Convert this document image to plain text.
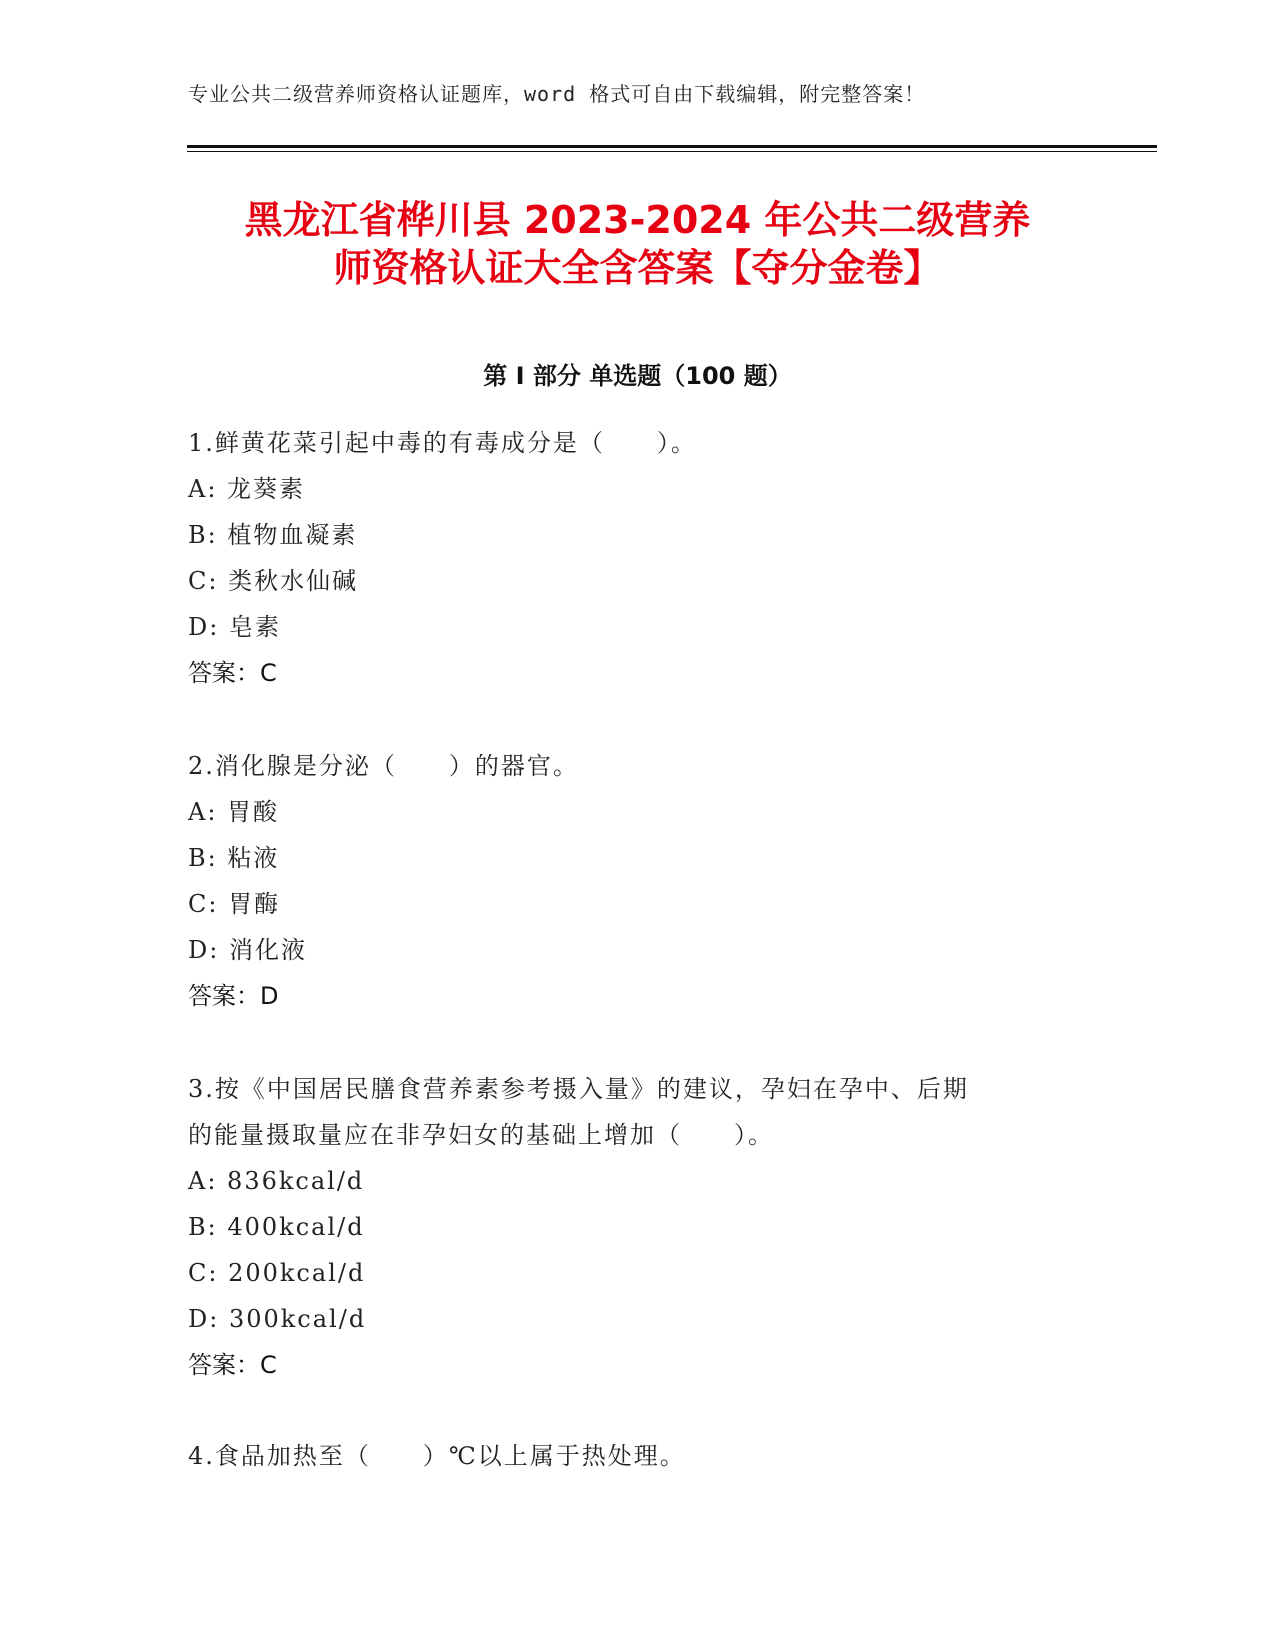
专业公共二级营养师资格认证题库，word 格式可自由下载编辑，附完整答案！
黑龙江省桦川县 2023-2024 年公共二级营养
师资格认证大全含答案【夺分金卷】
第 I 部分 单选题（100 题）
1.鲜黄花菜引起中毒的有毒成分是（　　）。
A: 龙葵素
B: 植物血凝素
C: 类秋水仙碱
D: 皂素
答案：C
2.消化腺是分泌（　　）的器官。
A: 胃酸
B: 粘液
C: 胃酶
D: 消化液
答案：D
3.按《中国居民膳食营养素参考摄入量》的建议，孕妇在孕中、后期
的能量摄取量应在非孕妇女的基础上增加（　　）。
A: 836kcal/d
B: 400kcal/d
C: 200kcal/d
D: 300kcal/d
答案：C
4.食品加热至（　　）℃以上属于热处理。
